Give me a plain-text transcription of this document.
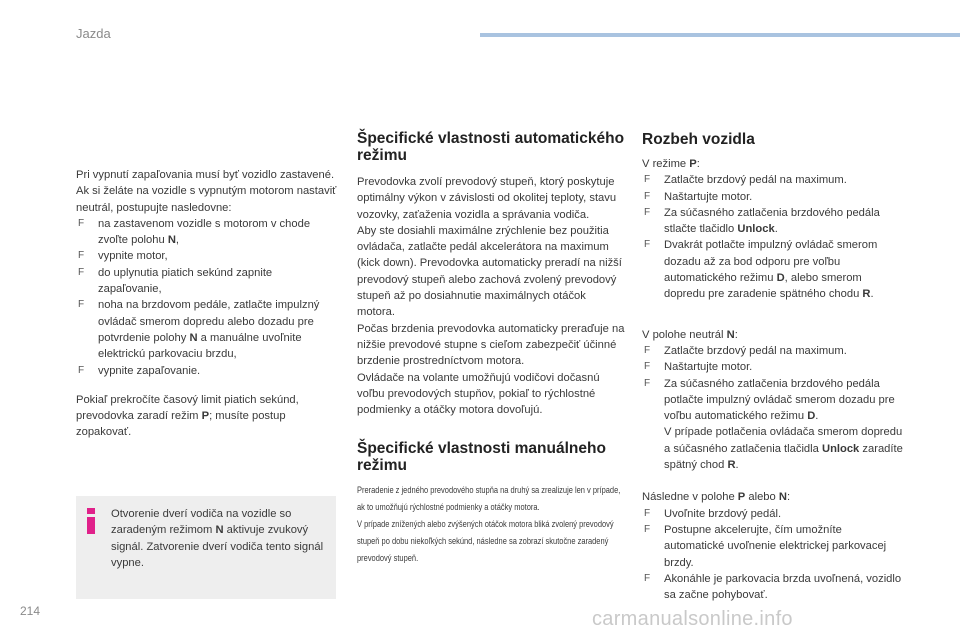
Jazda

Pri vypnutí zapaľovania musí byť vozidlo zastavené.

Ak si želáte na vozidle s vypnutým motorom nastaviť neutrál, postupujte nasledovne:

F na zastavenom vozidle s motorom v chode zvoľte polohu N,
F vypnite motor,
F do uplynutia piatich sekúnd zapnite zapaľovanie,
F noha na brzdovom pedále, zatlačte impulzný ovládač smerom dopredu alebo dozadu pre potvrdenie polohy N a manuálne uvoľnite elektrickú parkovaciu brzdu,
F vypnite zapaľovanie.

Pokiaľ prekročíte časový limit piatich sekúnd, prevodovka zaradí režim P; musíte postup zopakovať.

Otvorenie dverí vodiča na vozidle so zaradeným režimom N aktivuje zvukový signál. Zatvorenie dverí vodiča tento signál vypne.
Špecifické vlastnosti automatického režimu

Prevodovka zvolí prevodový stupeň, ktorý poskytuje optimálny výkon v závislosti od okolitej teploty, stavu vozovky, zaťaženia vozidla a správania vodiča.

Aby ste dosiahli maximálne zrýchlenie bez použitia ovládača, zatlačte pedál akcelerátora na maximum (kick down). Prevodovka automaticky preradí na nižší prevodový stupeň alebo zachová zvolený prevodový stupeň až po dosiahnutie maximálnych otáčok motora.

Počas brzdenia prevodovka automaticky preraďuje na nižšie prevodové stupne s cieľom zabezpečiť účinné brzdenie prostredníctvom motora.

Ovládače na volante umožňujú vodičovi dočasnú voľbu prevodových stupňov, pokiaľ to rýchlostné podmienky a otáčky motora dovoľujú.

Špecifické vlastnosti manuálneho režimu

Preradenie z jedného prevodového stupňa na druhý sa zrealizuje len v prípade, ak to umožňujú rýchlostné podmienky a otáčky motora.

V prípade znížených alebo zvýšených otáčok motora bliká zvolený prevodový stupeň po dobu niekoľkých sekúnd, následne sa zobrazí skutočne zaradený prevodový stupeň.

Rozbeh vozidla

V režime P:

F Zatlačte brzdový pedál na maximum.
F Naštartujte motor.
F Za súčasného zatlačenia brzdového pedála stlačte tlačidlo Unlock.
F Dvakrát potlačte impulzný ovládač smerom dozadu až za bod odporu pre voľbu automatického režimu D, alebo smerom dopredu pre zaradenie spätného chodu R.

V polohe neutrál N:

F Zatlačte brzdový pedál na maximum.
F Naštartujte motor.
F Za súčasného zatlačenia brzdového pedála potlačte impulzný ovládač smerom dozadu pre voľbu automatického režimu D.
V prípade potlačenia ovládača smerom dopredu a súčasného zatlačenia tlačidla Unlock zaradíte spätný chod R.

Následne v polohe P alebo N:

F Uvoľnite brzdový pedál.
F Postupne akcelerujte, čím umožníte automatické uvoľnenie elektrickej parkovacej brzdy.
F Akonáhle je parkovacia brzda uvoľnená, vozidlo sa začne pohybovať.
214	carmanualsonline.info
